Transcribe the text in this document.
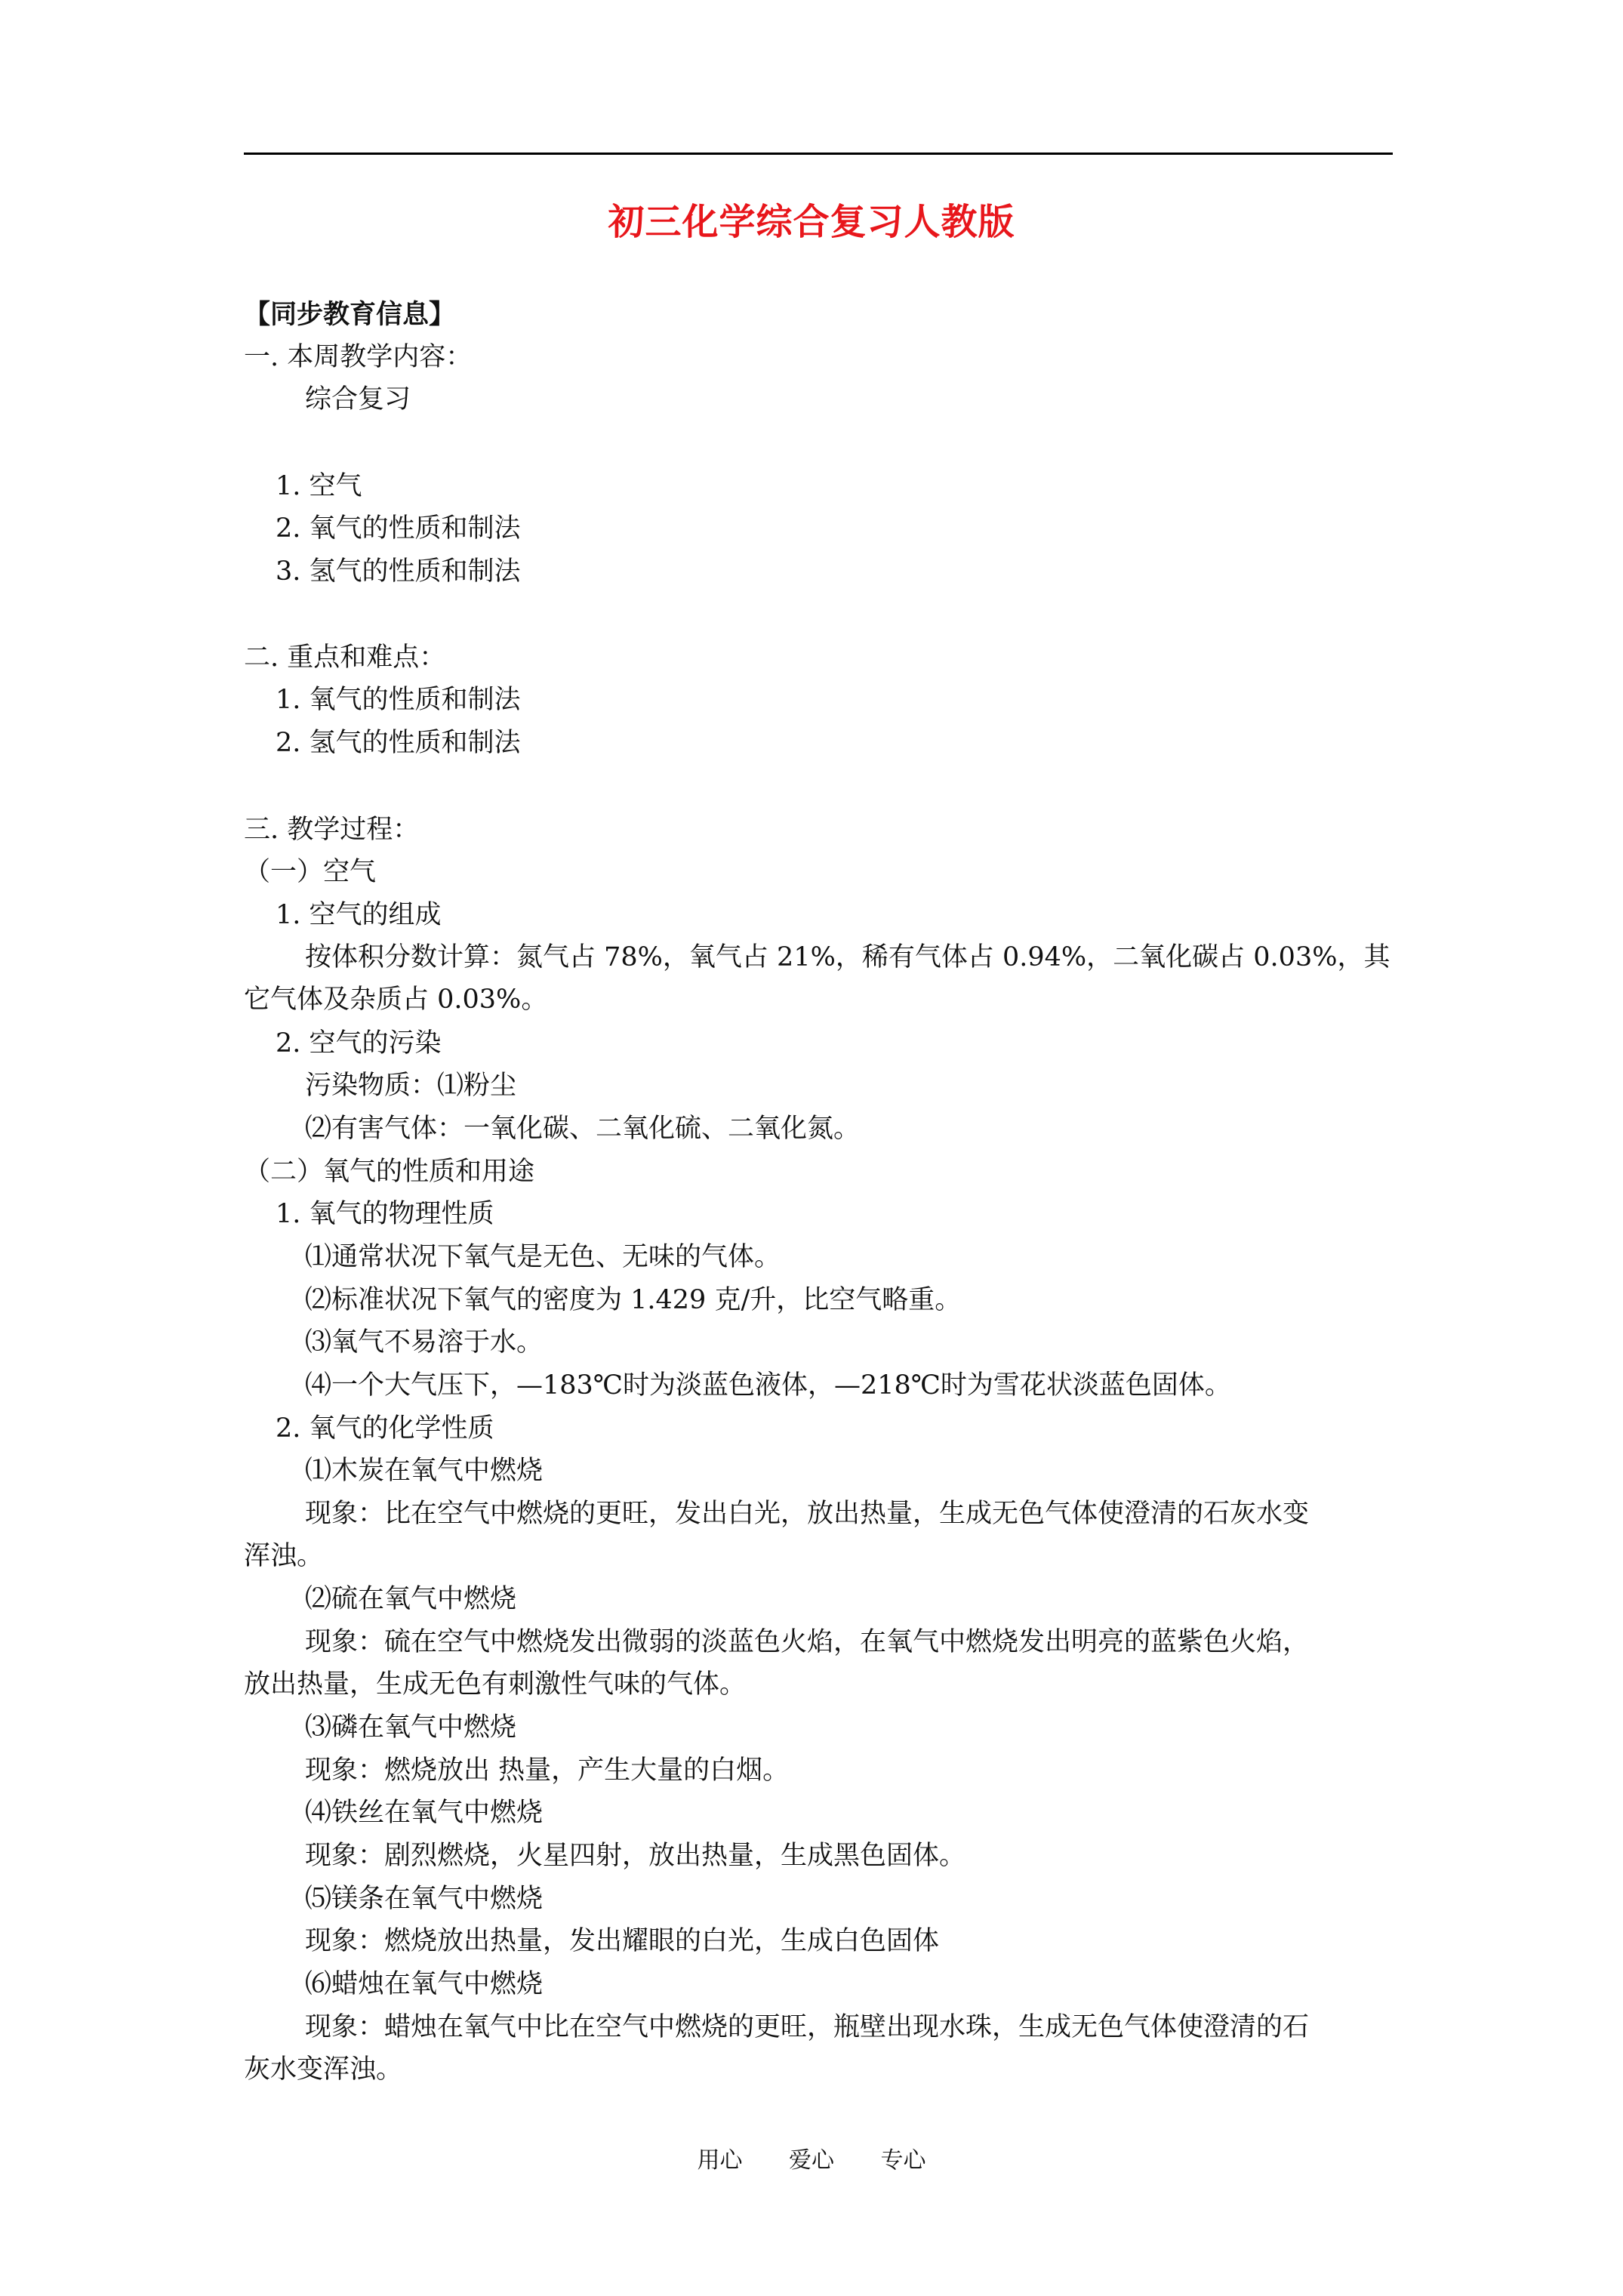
初三化学综合复习人教版
【同步教育信息】
一. 本周教学内容：
综合复习
1. 空气
2. 氧气的性质和制法
3. 氢气的性质和制法
二. 重点和难点：
1. 氧气的性质和制法
2. 氢气的性质和制法
三. 教学过程：
（一）空气
1. 空气的组成
按体积分数计算：氮气占 78%，氧气占 21%，稀有气体占 0.94%，二氧化碳占 0.03%，其
它气体及杂质占 0.03%。
2. 空气的污染
污染物质：⑴粉尘
⑵有害气体：一氧化碳、二氧化硫、二氧化氮。
（二）氧气的性质和用途
1. 氧气的物理性质
⑴通常状况下氧气是无色、无味的气体。
⑵标准状况下氧气的密度为 1.429 克/升，比空气略重。
⑶氧气不易溶于水。
⑷一个大气压下，—183℃时为淡蓝色液体，—218℃时为雪花状淡蓝色固体。
2. 氧气的化学性质
⑴木炭在氧气中燃烧
现象：比在空气中燃烧的更旺，发出白光，放出热量，生成无色气体使澄清的石灰水变
浑浊。
⑵硫在氧气中燃烧
现象：硫在空气中燃烧发出微弱的淡蓝色火焰，在氧气中燃烧发出明亮的蓝紫色火焰，
放出热量，生成无色有刺激性气味的气体。
⑶磷在氧气中燃烧
现象：燃烧放出 热量，产生大量的白烟。
⑷铁丝在氧气中燃烧
现象：剧烈燃烧，火星四射，放出热量，生成黑色固体。
⑸镁条在氧气中燃烧
现象：燃烧放出热量，发出耀眼的白光，生成白色固体
⑹蜡烛在氧气中燃烧
现象：蜡烛在氧气中比在空气中燃烧的更旺，瓶壁出现水珠，生成无色气体使澄清的石
灰水变浑浊。
用心 爱心 专心
